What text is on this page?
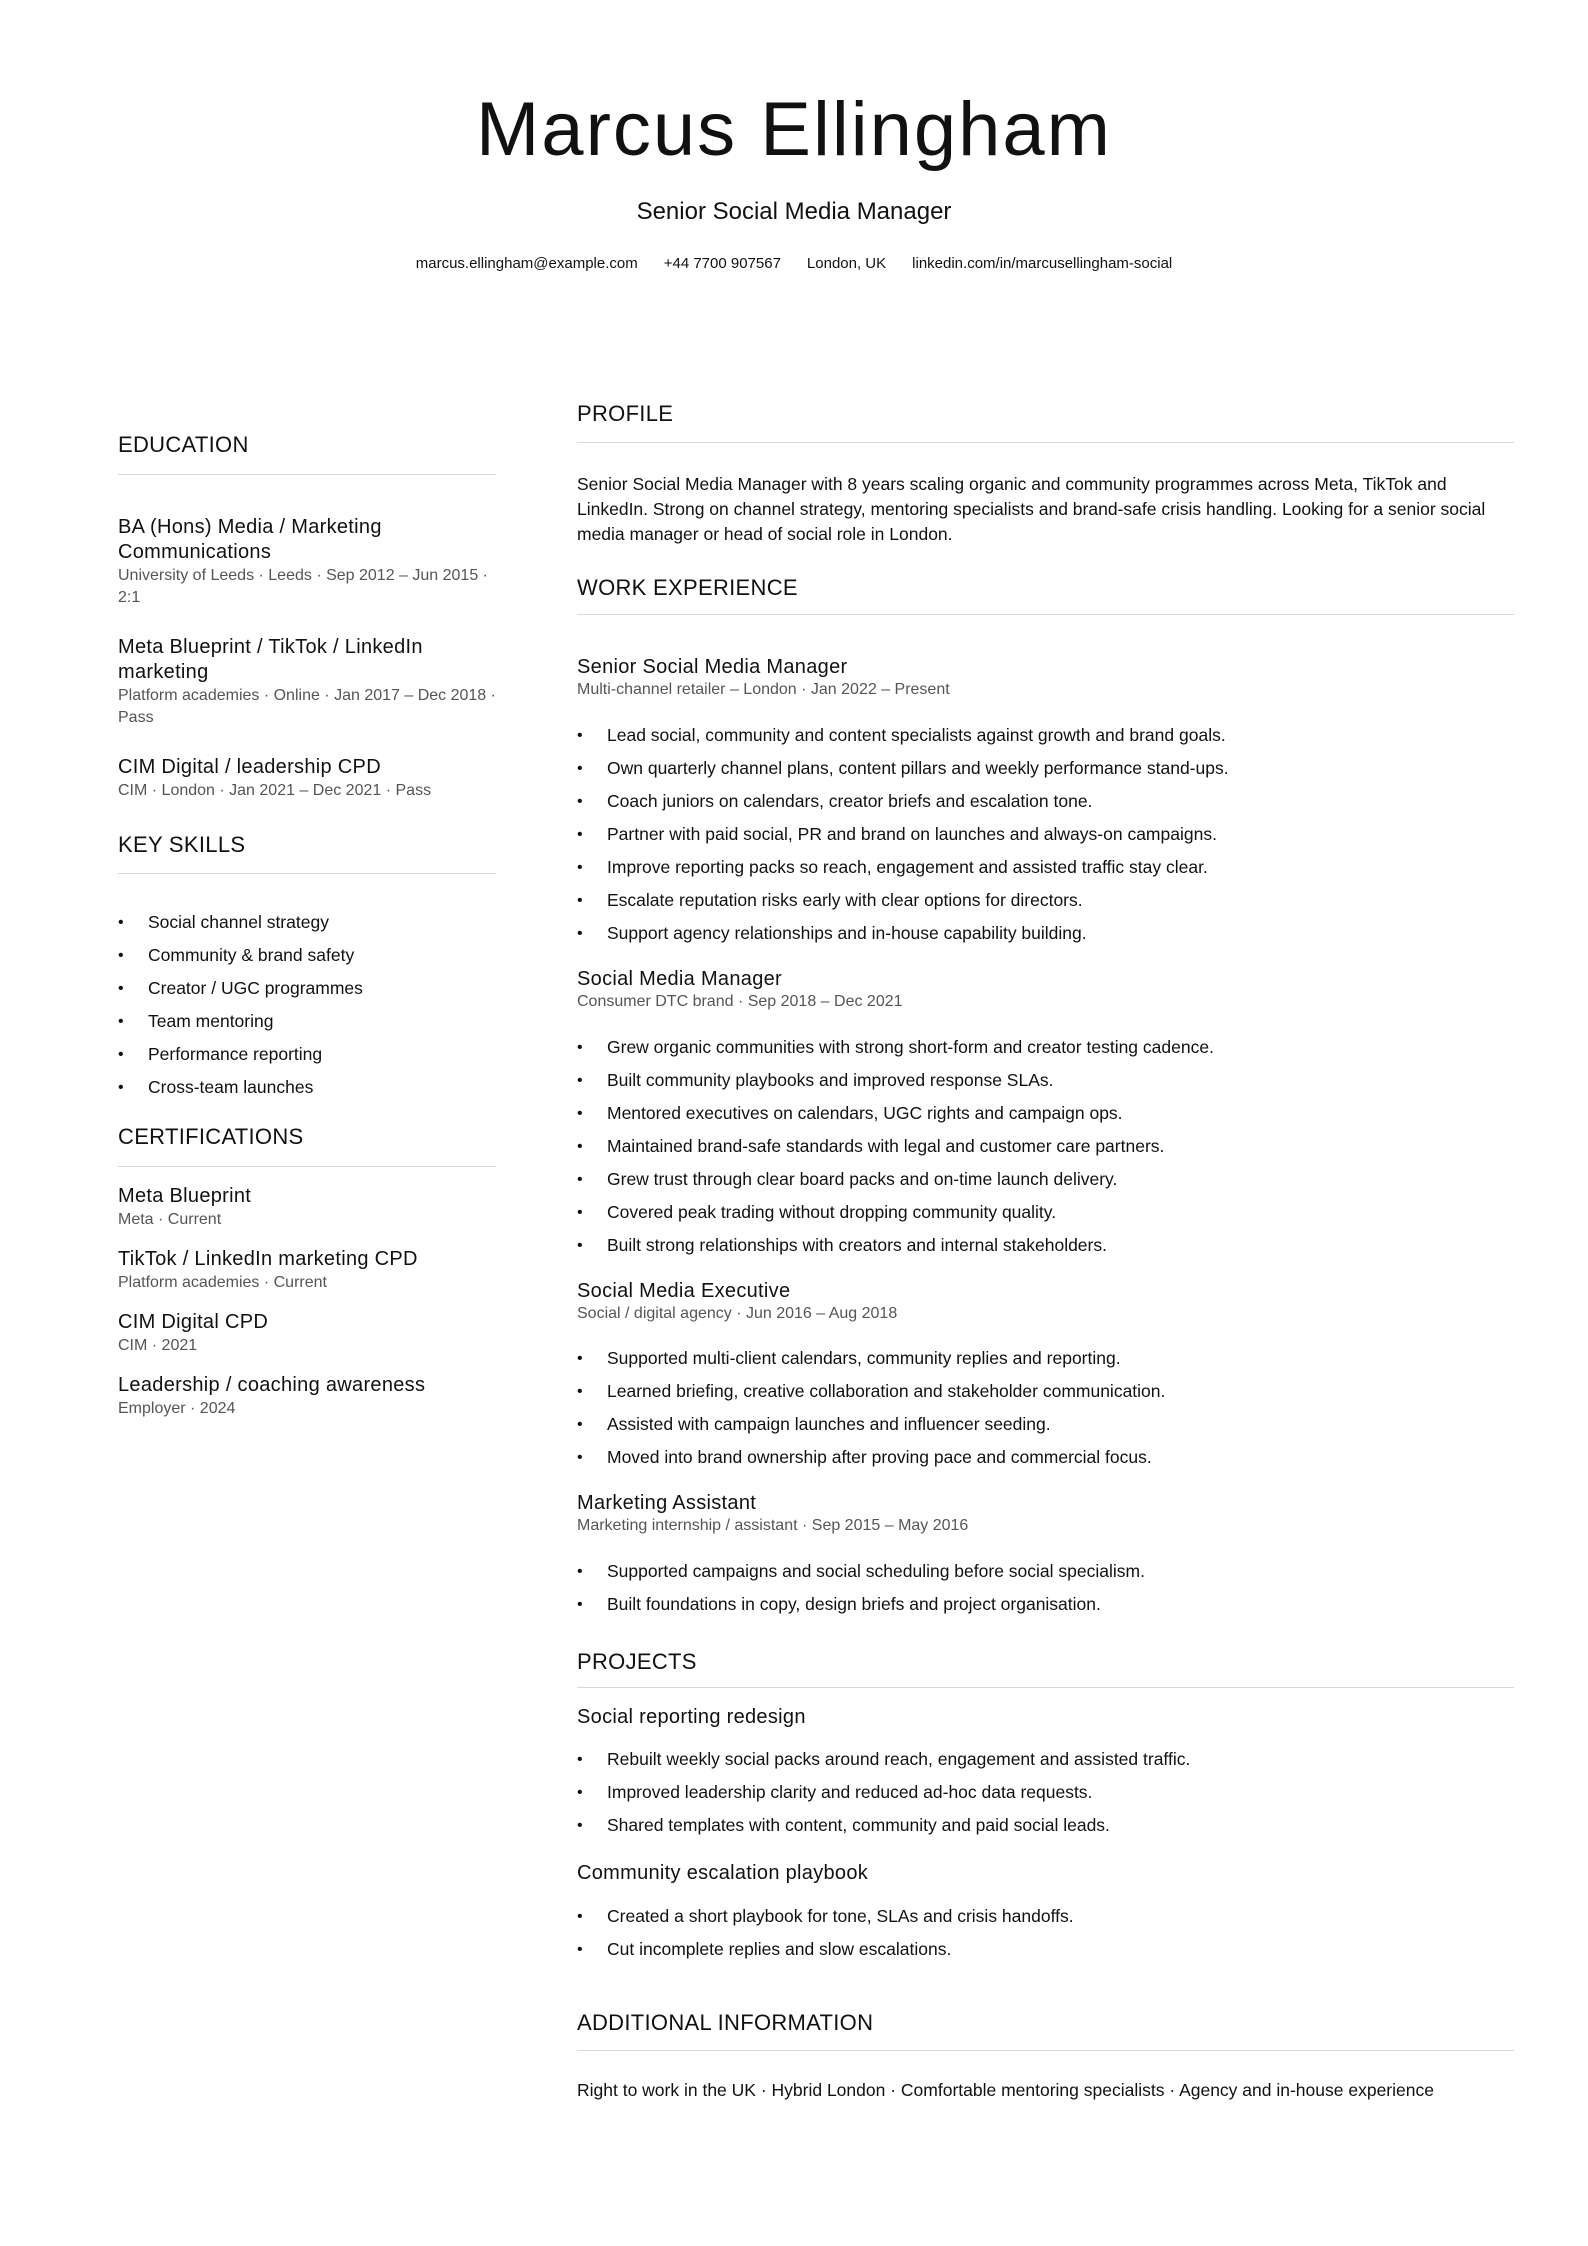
Marcus Ellingham
Senior Social Media Manager
marcus.ellingham@example.com +44 7700 907567 London, UK linkedin.com/in/marcusellingham-social
EDUCATION
BA (Hons) Media / Marketing Communications
University of Leeds · Leeds · Sep 2012 – Jun 2015 · 2:1
Meta Blueprint / TikTok / LinkedIn marketing
Platform academies · Online · Jan 2017 – Dec 2018 · Pass
CIM Digital / leadership CPD
CIM · London · Jan 2021 – Dec 2021 · Pass
KEY SKILLS
• Social channel strategy
• Community & brand safety
• Creator / UGC programmes
• Team mentoring
• Performance reporting
• Cross-team launches
CERTIFICATIONS
Meta Blueprint
Meta · Current
TikTok / LinkedIn marketing CPD
Platform academies · Current
CIM Digital CPD
CIM · 2021
Leadership / coaching awareness
Employer · 2024
PROFILE
Senior Social Media Manager with 8 years scaling organic and community programmes across Meta, TikTok and LinkedIn. Strong on channel strategy, mentoring specialists and brand-safe crisis handling. Looking for a senior social media manager or head of social role in London.
WORK EXPERIENCE
Senior Social Media Manager
Multi-channel retailer – London · Jan 2022 – Present
• Lead social, community and content specialists against growth and brand goals.
• Own quarterly channel plans, content pillars and weekly performance stand-ups.
• Coach juniors on calendars, creator briefs and escalation tone.
• Partner with paid social, PR and brand on launches and always-on campaigns.
• Improve reporting packs so reach, engagement and assisted traffic stay clear.
• Escalate reputation risks early with clear options for directors.
• Support agency relationships and in-house capability building.
Social Media Manager
Consumer DTC brand · Sep 2018 – Dec 2021
• Grew organic communities with strong short-form and creator testing cadence.
• Built community playbooks and improved response SLAs.
• Mentored executives on calendars, UGC rights and campaign ops.
• Maintained brand-safe standards with legal and customer care partners.
• Grew trust through clear board packs and on-time launch delivery.
• Covered peak trading without dropping community quality.
• Built strong relationships with creators and internal stakeholders.
Social Media Executive
Social / digital agency · Jun 2016 – Aug 2018
• Supported multi-client calendars, community replies and reporting.
• Learned briefing, creative collaboration and stakeholder communication.
• Assisted with campaign launches and influencer seeding.
• Moved into brand ownership after proving pace and commercial focus.
Marketing Assistant
Marketing internship / assistant · Sep 2015 – May 2016
• Supported campaigns and social scheduling before social specialism.
• Built foundations in copy, design briefs and project organisation.
PROJECTS
Social reporting redesign
• Rebuilt weekly social packs around reach, engagement and assisted traffic.
• Improved leadership clarity and reduced ad-hoc data requests.
• Shared templates with content, community and paid social leads.
Community escalation playbook
• Created a short playbook for tone, SLAs and crisis handoffs.
• Cut incomplete replies and slow escalations.
ADDITIONAL INFORMATION
Right to work in the UK · Hybrid London · Comfortable mentoring specialists · Agency and in-house experience
